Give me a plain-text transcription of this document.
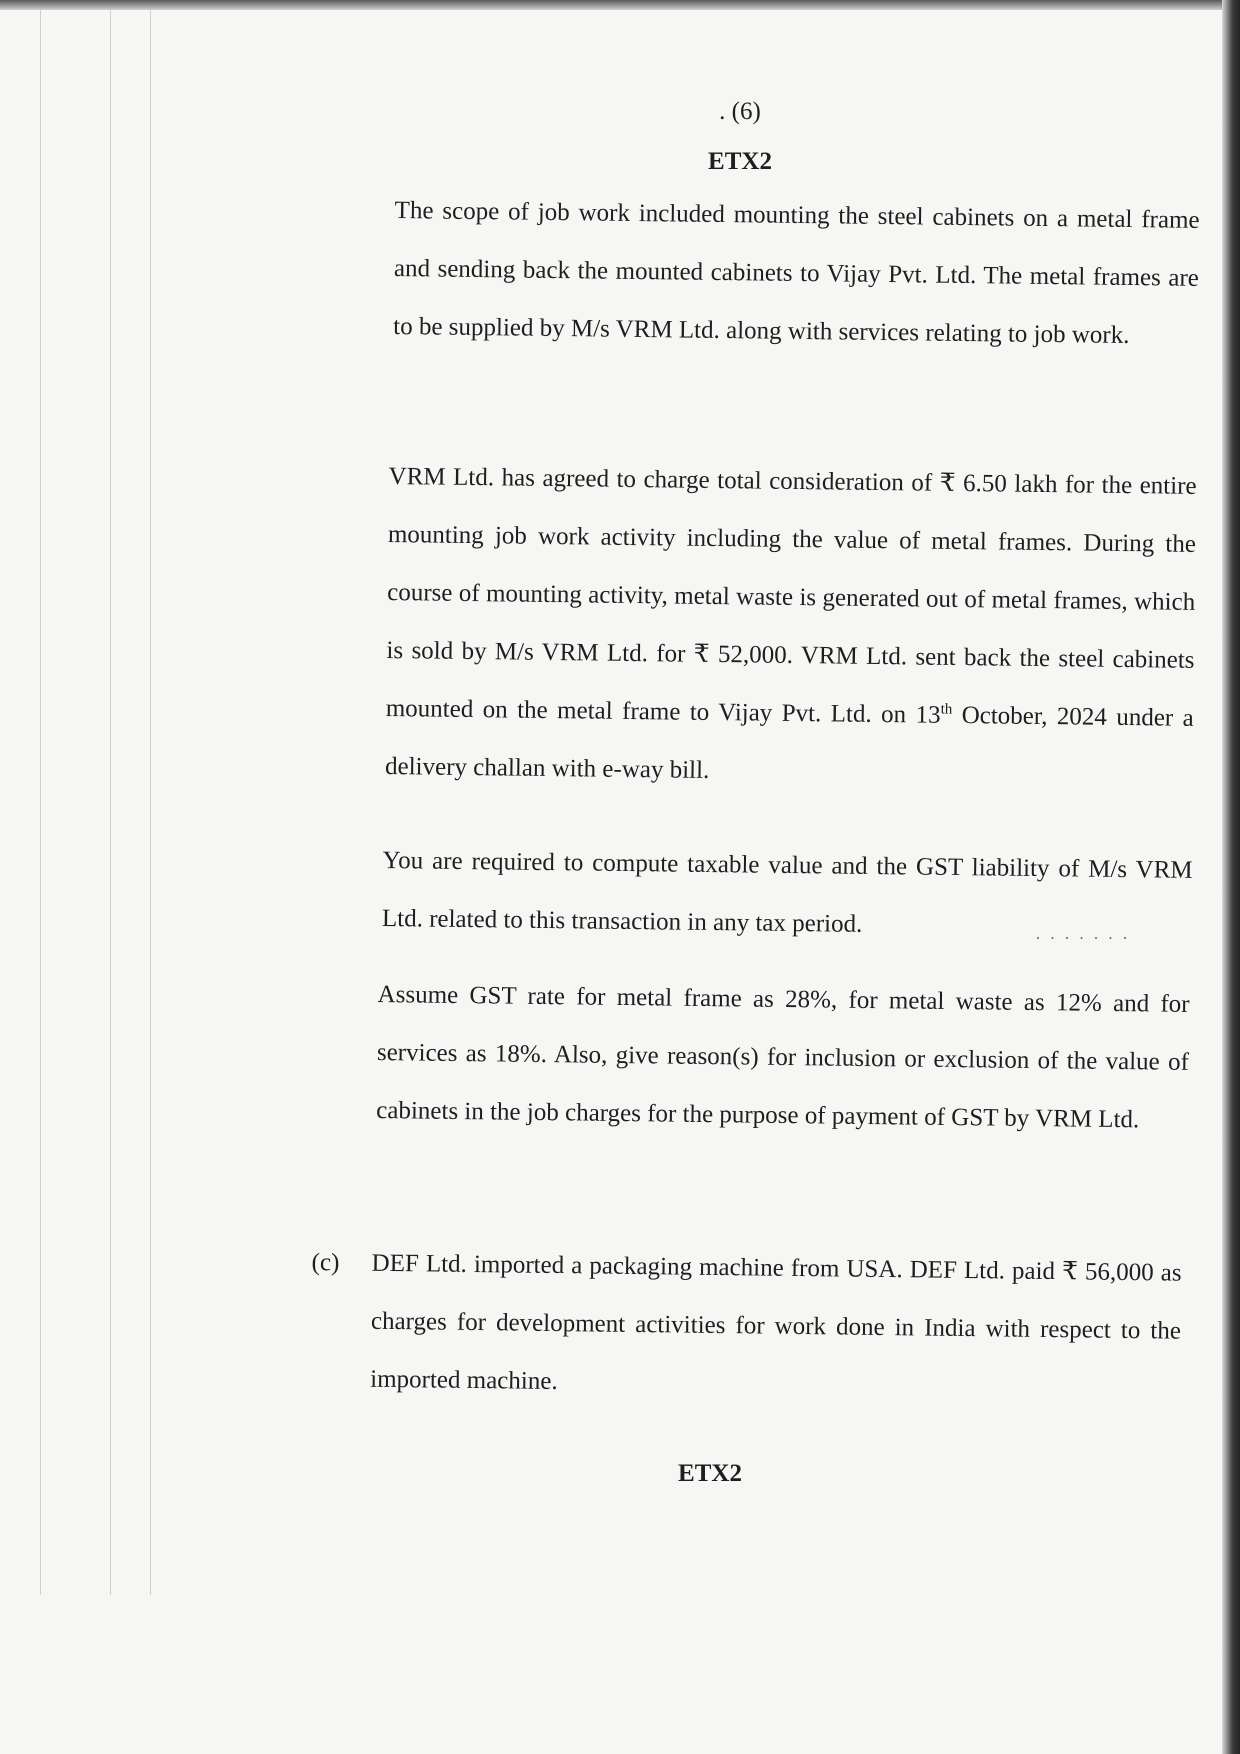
. (6)
ETX2

The scope of job work included mounting the steel cabinets on a metal frame and sending back the mounted cabinets to Vijay Pvt. Ltd. The metal frames are to be supplied by M/s VRM Ltd. along with services relating to job work.

VRM Ltd. has agreed to charge total consideration of ₹ 6.50 lakh for the entire mounting job work activity including the value of metal frames. During the course of mounting activity, metal waste is generated out of metal frames, which is sold by M/s VRM Ltd. for ₹ 52,000. VRM Ltd. sent back the steel cabinets mounted on the metal frame to Vijay Pvt. Ltd. on 13th October, 2024 under a delivery challan with e-way bill.

You are required to compute taxable value and the GST liability of M/s VRM Ltd. related to this transaction in any tax period.

· · · · · · ·

Assume GST rate for metal frame as 28%, for metal waste as 12% and for services as 18%. Also, give reason(s) for inclusion or exclusion of the value of cabinets in the job charges for the purpose of payment of GST by VRM Ltd.

(c) DEF Ltd. imported a packaging machine from USA. DEF Ltd. paid ₹ 56,000 as charges for development activities for work done in India with respect to the imported machine.

ETX2
